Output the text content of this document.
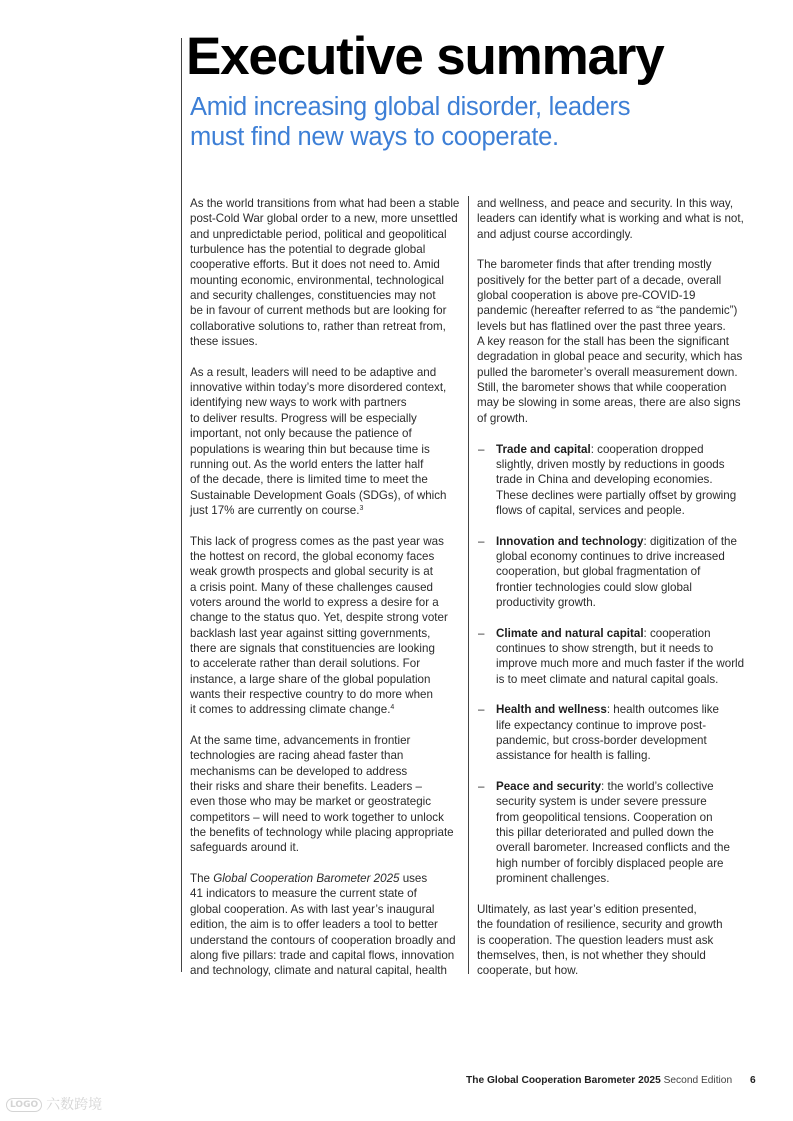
Executive summary
Amid increasing global disorder, leaders
must find new ways to cooperate.

As the world transitions from what had been a stable
post-Cold War global order to a new, more unsettled
and unpredictable period, political and geopolitical
turbulence has the potential to degrade global
cooperative efforts. But it does not need to. Amid
mounting economic, environmental, technological
and security challenges, constituencies may not
be in favour of current methods but are looking for
collaborative solutions to, rather than retreat from,
these issues.

As a result, leaders will need to be adaptive and
innovative within today’s more disordered context,
identifying new ways to work with partners
to deliver results. Progress will be especially
important, not only because the patience of
populations is wearing thin but because time is
running out. As the world enters the latter half
of the decade, there is limited time to meet the
Sustainable Development Goals (SDGs), of which
just 17% are currently on course.$^3$

This lack of progress comes as the past year was
the hottest on record, the global economy faces
weak growth prospects and global security is at
a crisis point. Many of these challenges caused
voters around the world to express a desire for a
change to the status quo. Yet, despite strong voter
backlash last year against sitting governments,
there are signals that constituencies are looking
to accelerate rather than derail solutions. For
instance, a large share of the global population
wants their respective country to do more when
it comes to addressing climate change.$^4$

At the same time, advancements in frontier
technologies are racing ahead faster than
mechanisms can be developed to address
their risks and share their benefits. Leaders –
even those who may be market or geostrategic
competitors – will need to work together to unlock
the benefits of technology while placing appropriate
safeguards around it.

The Global Cooperation Barometer 2025 uses
41 indicators to measure the current state of
global cooperation. As with last year’s inaugural
edition, the aim is to offer leaders a tool to better
understand the contours of cooperation broadly and
along five pillars: trade and capital flows, innovation
and technology, climate and natural capital, health

and wellness, and peace and security. In this way,
leaders can identify what is working and what is not,
and adjust course accordingly.

The barometer finds that after trending mostly
positively for the better part of a decade, overall
global cooperation is above pre-COVID-19
pandemic (hereafter referred to as “the pandemic”)
levels but has flatlined over the past three years.
A key reason for the stall has been the significant
degradation in global peace and security, which has
pulled the barometer’s overall measurement down.
Still, the barometer shows that while cooperation
may be slowing in some areas, there are also signs
of growth.

– Trade and capital: cooperation dropped
slightly, driven mostly by reductions in goods
trade in China and developing economies.
These declines were partially offset by growing
flows of capital, services and people.
– Innovation and technology: digitization of the
global economy continues to drive increased
cooperation, but global fragmentation of
frontier technologies could slow global
productivity growth.
– Climate and natural capital: cooperation
continues to show strength, but it needs to
improve much more and much faster if the world
is to meet climate and natural capital goals.
– Health and wellness: health outcomes like
life expectancy continue to improve post-
pandemic, but cross-border development
assistance for health is falling.
– Peace and security: the world’s collective
security system is under severe pressure
from geopolitical tensions. Cooperation on
this pillar deteriorated and pulled down the
overall barometer. Increased conflicts and the
high number of forcibly displaced people are
prominent challenges.

Ultimately, as last year’s edition presented,
the foundation of resilience, security and growth
is cooperation. The question leaders must ask
themselves, then, is not whether they should
cooperate, but how.

The Global Cooperation Barometer 2025 Second Edition 6
LOGO 六数跨境
